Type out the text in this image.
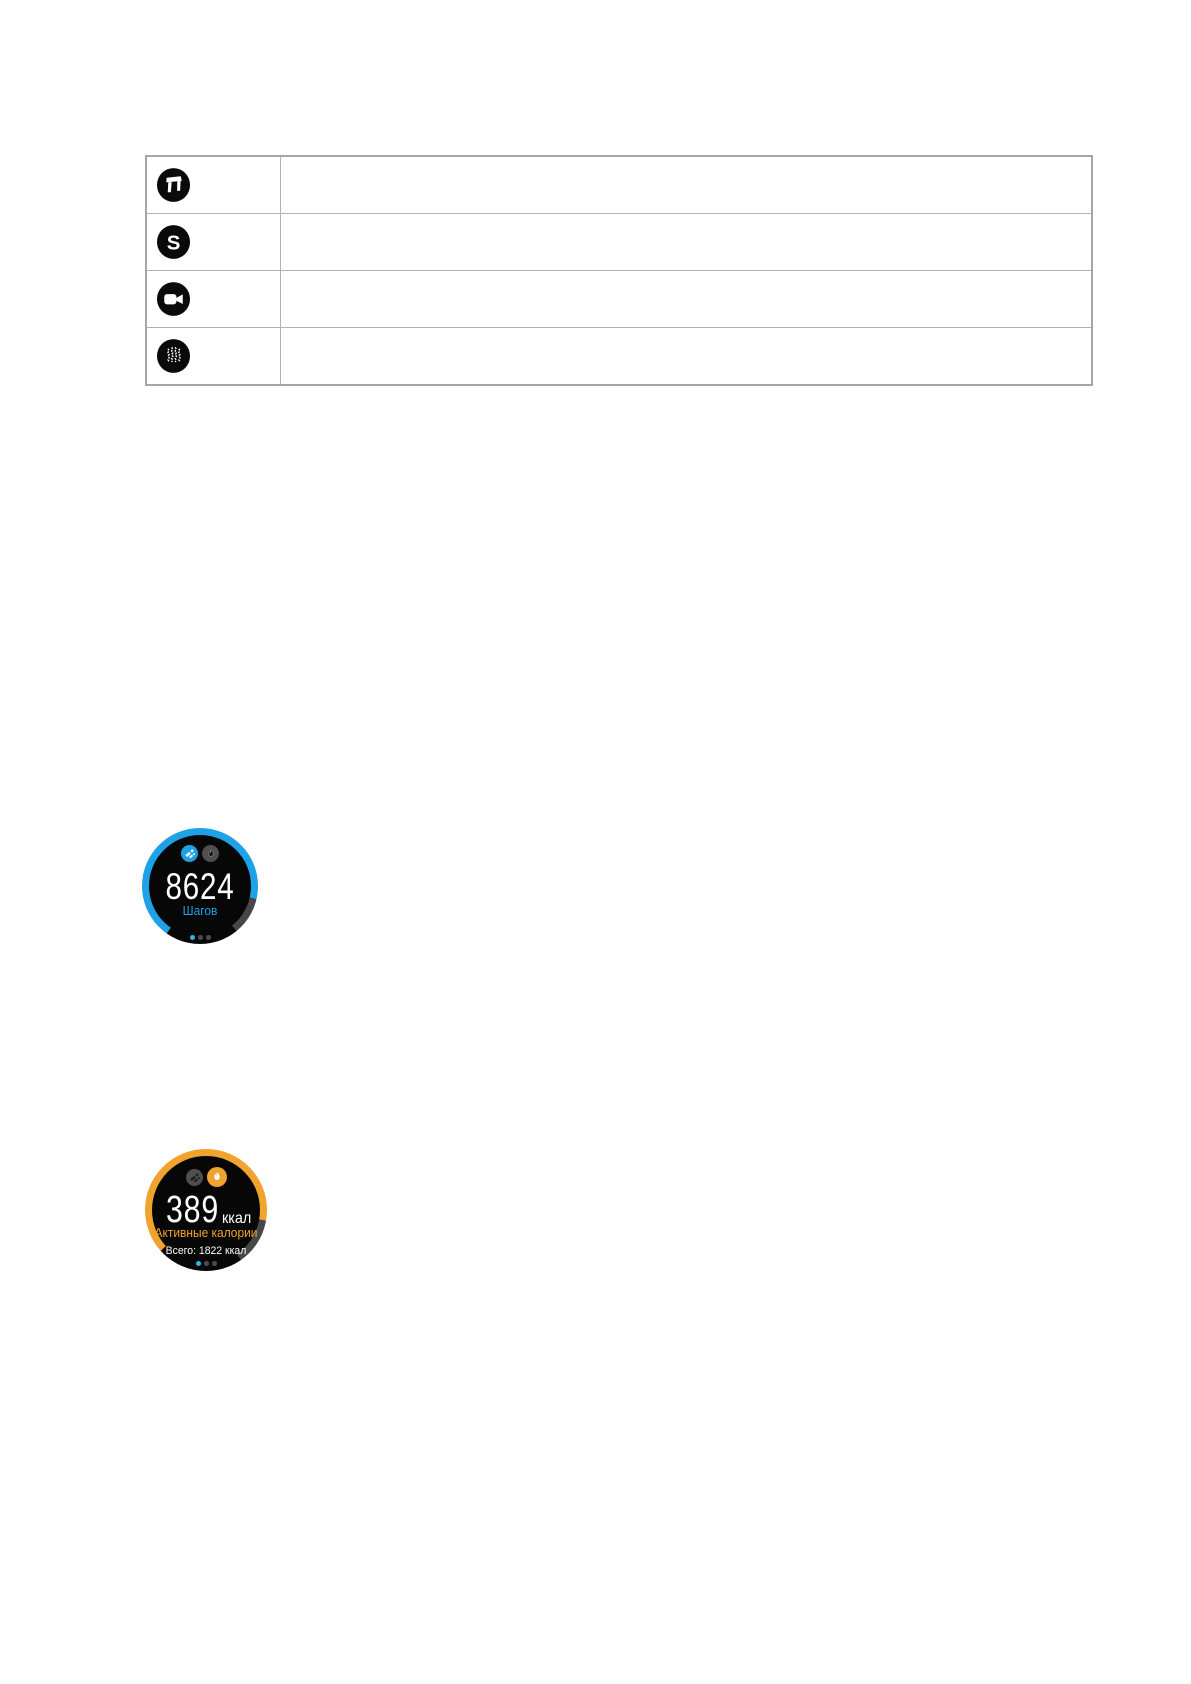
S	

8624
Шагов
389 ккал
Активные калории
Всего: 1822 ккал
